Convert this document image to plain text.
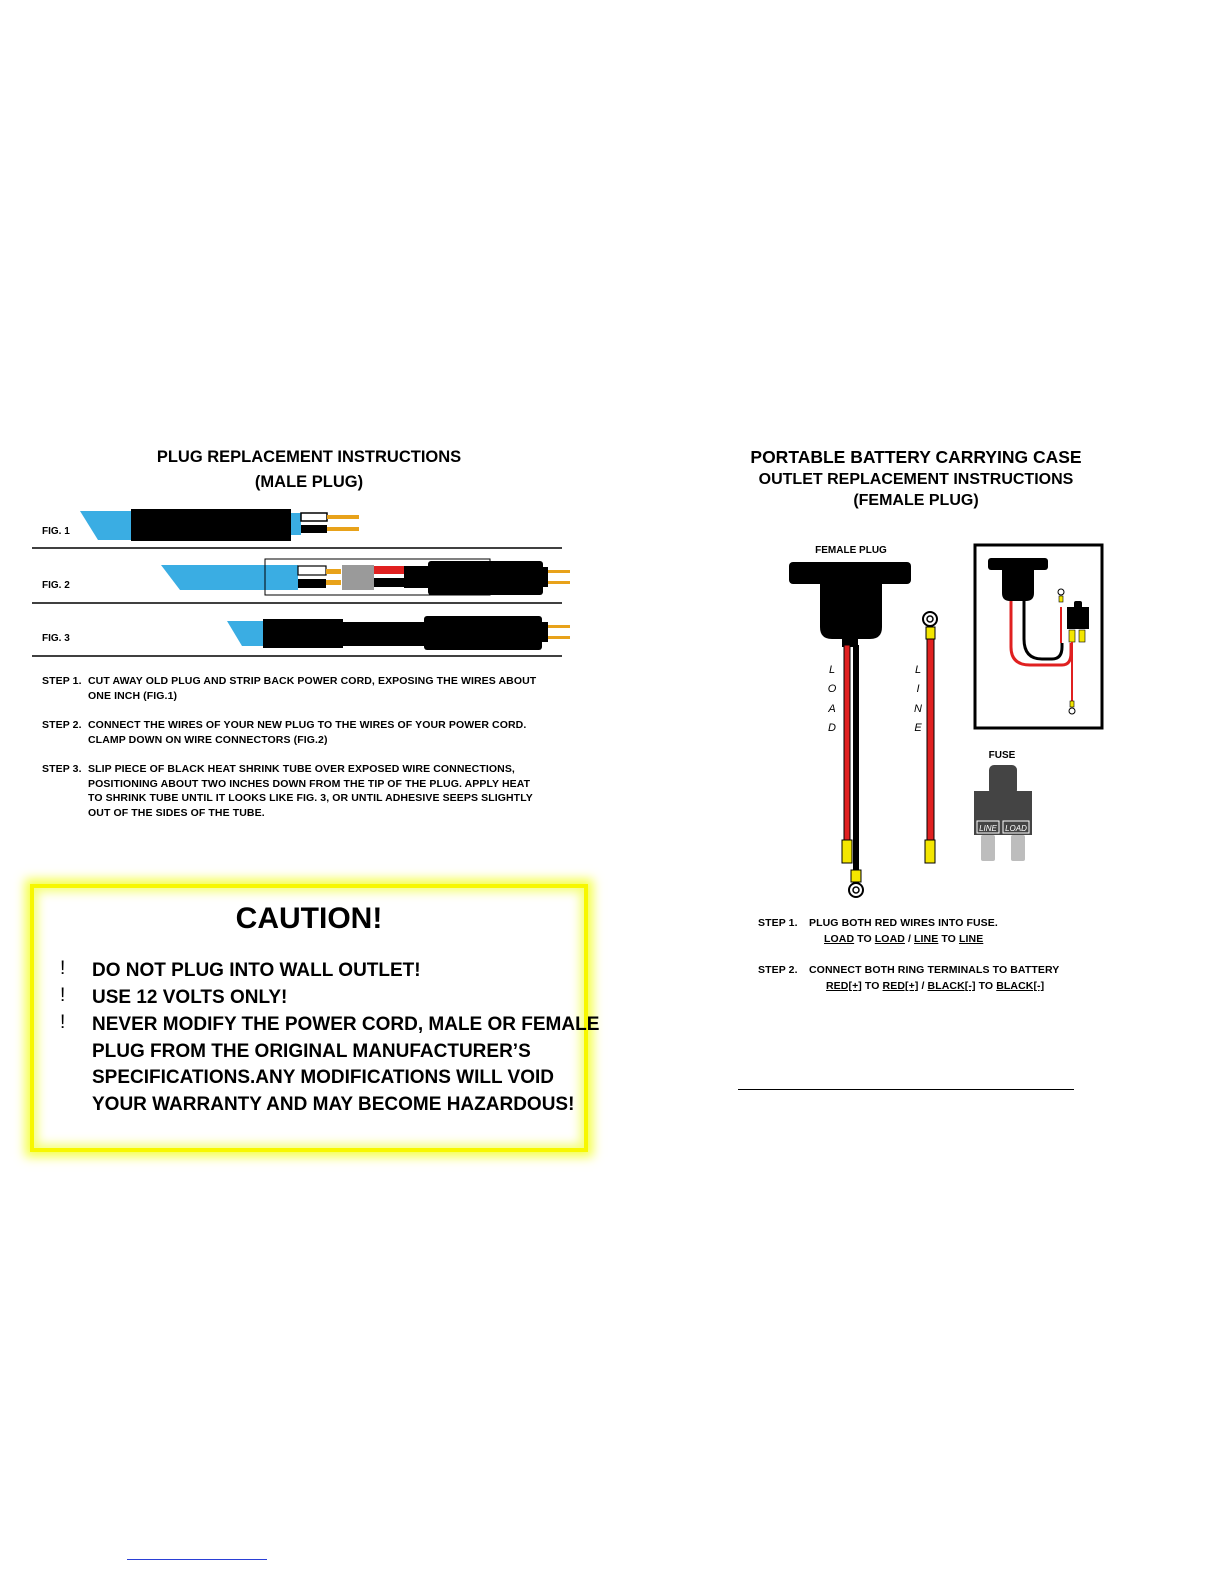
PLUG REPLACEMENT INSTRUCTIONS
(MALE PLUG)
FIG. 1
FIG. 2
FIG. 3
STEP 1. CUT AWAY OLD PLUG AND STRIP BACK POWER CORD, EXPOSING THE WIRES ABOUT
ONE INCH (FIG.1)
STEP 2. CONNECT THE WIRES OF YOUR NEW PLUG TO THE WIRES OF YOUR POWER CORD.
CLAMP DOWN ON WIRE CONNECTORS (FIG.2)
STEP 3. SLIP PIECE OF BLACK HEAT SHRINK TUBE OVER EXPOSED WIRE CONNECTIONS,
POSITIONING ABOUT TWO INCHES DOWN FROM THE TIP OF THE PLUG. APPLY HEAT
TO SHRINK TUBE UNTIL IT LOOKS LIKE FIG. 3, OR UNTIL ADHESIVE SEEPS SLIGHTLY
OUT OF THE SIDES OF THE TUBE.
CAUTION!
! DO NOT PLUG INTO WALL OUTLET!
! USE 12 VOLTS ONLY!
! NEVER MODIFY THE POWER CORD, MALE OR FEMALE
PLUG FROM THE ORIGINAL MANUFACTURER’S
SPECIFICATIONS.ANY MODIFICATIONS WILL VOID
YOUR WARRANTY AND MAY BECOME HAZARDOUS!
PORTABLE BATTERY CARRYING CASE
OUTLET REPLACEMENT INSTRUCTIONS
(FEMALE PLUG)
FEMALE PLUG
L
O
A
D
L
I
N
E
FUSE
LINE LOAD
STEP 1. PLUG BOTH RED WIRES INTO FUSE.
LOAD TO LOAD / LINE TO LINE
STEP 2. CONNECT BOTH RING TERMINALS TO BATTERY
RED[+] TO RED[+] / BLACK[-] TO BLACK[-]
